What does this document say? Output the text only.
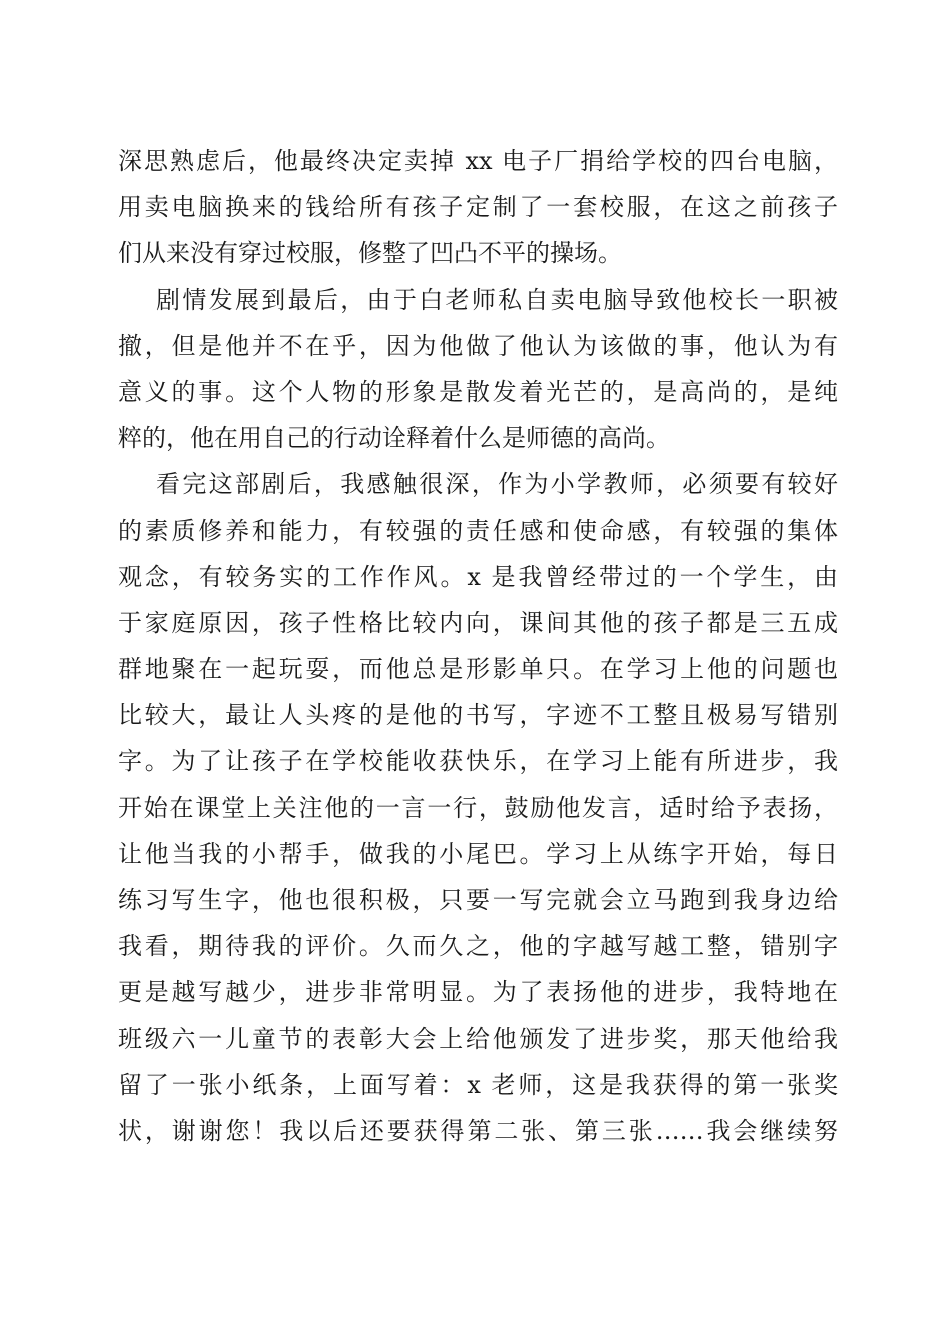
深思熟虑后，他最终决定卖掉 xx 电子厂捐给学校的四台电脑，
用卖电脑换来的钱给所有孩子定制了一套校服，在这之前孩子
们从来没有穿过校服，修整了凹凸不平的操场。
剧情发展到最后，由于白老师私自卖电脑导致他校长一职被
撤，但是他并不在乎，因为他做了他认为该做的事，他认为有
意义的事。这个人物的形象是散发着光芒的，是高尚的，是纯
粹的，他在用自己的行动诠释着什么是师德的高尚。
看完这部剧后，我感触很深，作为小学教师，必须要有较好
的素质修养和能力，有较强的责任感和使命感，有较强的集体
观念，有较务实的工作作风。x 是我曾经带过的一个学生，由
于家庭原因，孩子性格比较内向，课间其他的孩子都是三五成
群地聚在一起玩耍，而他总是形影单只。在学习上他的问题也
比较大，最让人头疼的是他的书写，字迹不工整且极易写错别
字。为了让孩子在学校能收获快乐，在学习上能有所进步，我
开始在课堂上关注他的一言一行，鼓励他发言，适时给予表扬，
让他当我的小帮手，做我的小尾巴。学习上从练字开始，每日
练习写生字，他也很积极，只要一写完就会立马跑到我身边给
我看，期待我的评价。久而久之，他的字越写越工整，错别字
更是越写越少，进步非常明显。为了表扬他的进步，我特地在
班级六一儿童节的表彰大会上给他颁发了进步奖，那天他给我
留了一张小纸条，上面写着：x 老师，这是我获得的第一张奖
状，谢谢您！我以后还要获得第二张、第三张……我会继续努
